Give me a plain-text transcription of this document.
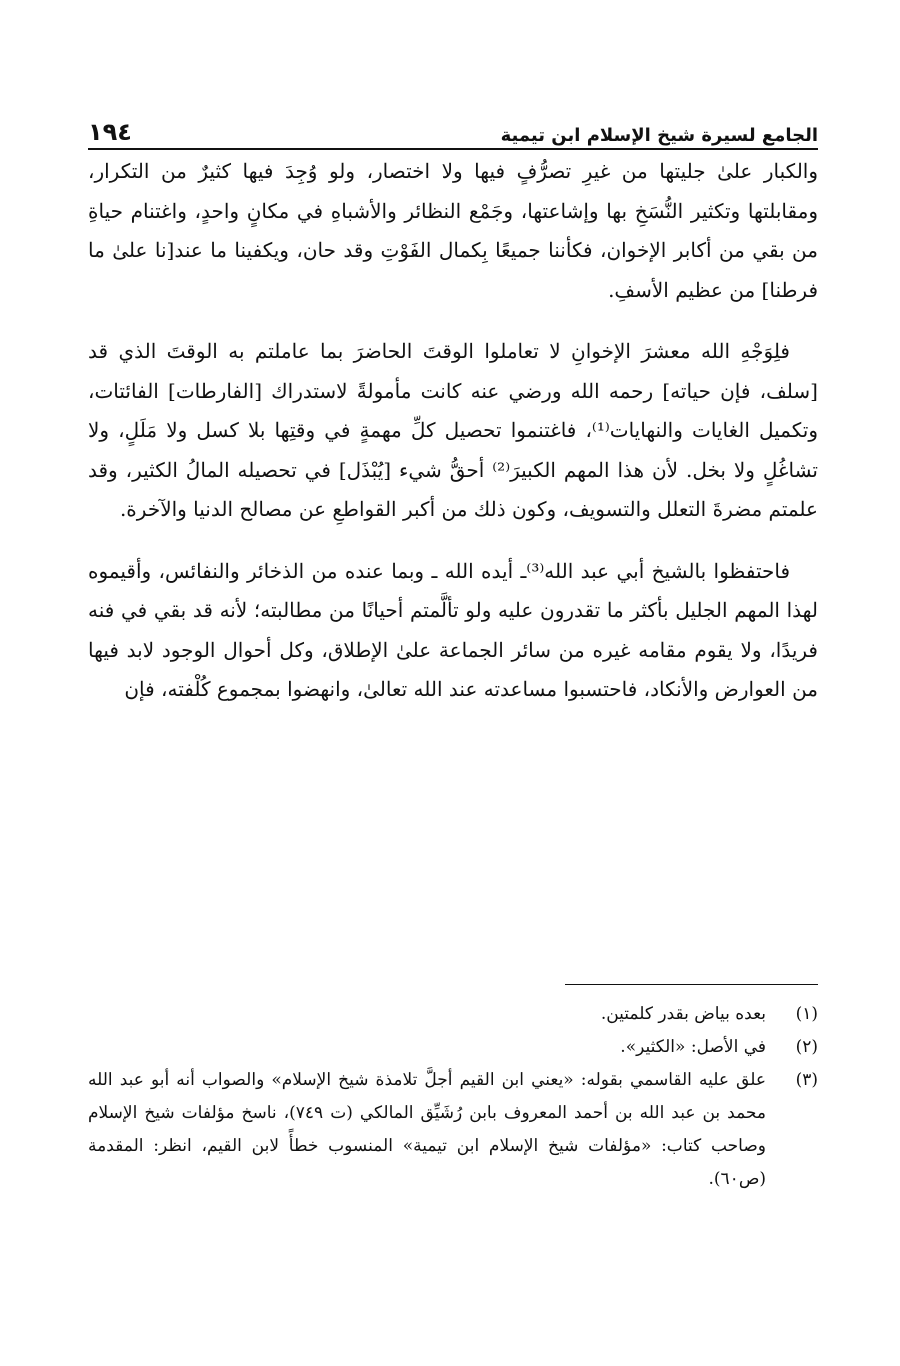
الجامع لسيرة شيخ الإسلام ابن تيمية
١٩٤

والكبار علىٰ جليتها من غيرِ تصرُّفٍ فيها ولا اختصار، ولو وُجِدَ فيها كثيرٌ من التكرار، ومقابلتها وتكثير النُّسَخِ بها وإشاعتها، وجَمْع النظائر والأشباهِ في مكانٍ واحدٍ، واغتنام حياةِ من بقي من أكابر الإخوان، فكأننا جميعًا بِكمال الفَوْتِ وقد حان، ويكفينا ما عند[نا علىٰ ما فرطنا] من عظيم الأسفِ.

فلِوَجْهِ الله معشرَ الإخوانِ لا تعاملوا الوقتَ الحاضرَ بما عاملتم به الوقتَ الذي قد [سلف، فإن حياته] رحمه الله ورضي عنه كانت مأمولةً لاستدراك [الفارطات] الفائتات، وتكميل الغايات والنهايات⁽¹⁾، فاغتنموا تحصيل كلِّ مهمةٍ في وقتِها بلا كسل ولا مَلَلٍ، ولا تشاغُلٍ ولا بخل. لأن هذا المهم الكبيرَ⁽²⁾ أحقُّ شيء [يُبْذَل] في تحصيله المالُ الكثير، وقد علمتم مضرةَ التعلل والتسويف، وكون ذلك من أكبر القواطعِ عن مصالح الدنيا والآخرة.

فاحتفظوا بالشيخ أبي عبد الله⁽³⁾ـ أيده الله ـ وبما عنده من الذخائر والنفائس، وأقيموه لهذا المهم الجليل بأكثر ما تقدرون عليه ولو تألَّمتم أحيانًا من مطالبته؛ لأنه قد بقي في فنه فريدًا، ولا يقوم مقامه غيره من سائر الجماعة علىٰ الإطلاق، وكل أحوال الوجود لابد فيها من العوارض والأنكاد، فاحتسبوا مساعدته عند الله تعالىٰ، وانهضوا بمجموع كُلْفته، فإن

(١)
بعده بياض بقدر كلمتين.
(٢)
في الأصل: «الكثير».
(٣)
علق عليه القاسمي بقوله: «يعني ابن القيم أجلَّ تلامذة شيخ الإسلام» والصواب أنه أبو عبد الله محمد بن عبد الله بن أحمد المعروف بابن رُشَيِّق المالكي (ت ٧٤٩)، ناسخ مؤلفات شيخ الإسلام وصاحب كتاب: «مؤلفات شيخ الإسلام ابن تيمية» المنسوب خطأً لابن القيم، انظر: المقدمة (ص٦٠).
